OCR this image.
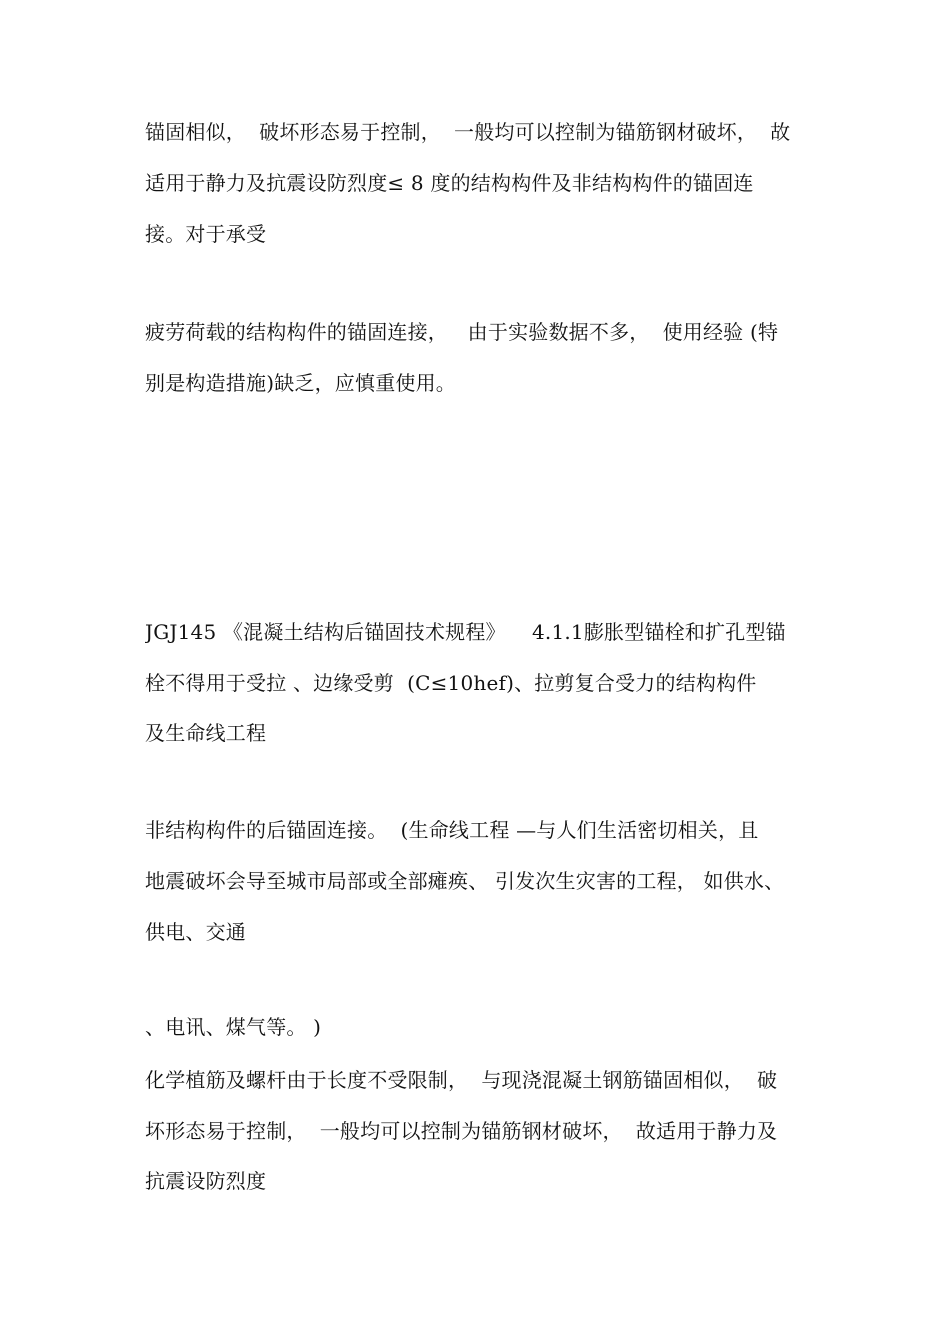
锚固相似，  破坏形态易于控制，  一般均可以控制为锚筋钢材破坏，  故
适用于静力及抗震设防烈度≤ 8 度的结构构件及非结构构件的锚固连
接。对于承受
疲劳荷载的结构构件的锚固连接，   由于实验数据不多，  使用经验 (特
别是构造措施)缺乏，应慎重使用。
JGJ145 《混凝土结构后锚固技术规程》    4.1.1膨胀型锚栓和扩孔型锚
栓不得用于受拉 、边缘受剪  (C≤10hef)、拉剪复合受力的结构构件
及生命线工程
非结构构件的后锚固连接。  (生命线工程 —与人们生活密切相关，且
地震破坏会导至城市局部或全部瘫痪、 引发次生灾害的工程， 如供水、
供电、交通
、电讯、煤气等。 )
化学植筋及螺杆由于长度不受限制，  与现浇混凝土钢筋锚固相似，  破
坏形态易于控制，  一般均可以控制为锚筋钢材破坏，  故适用于静力及
抗震设防烈度
